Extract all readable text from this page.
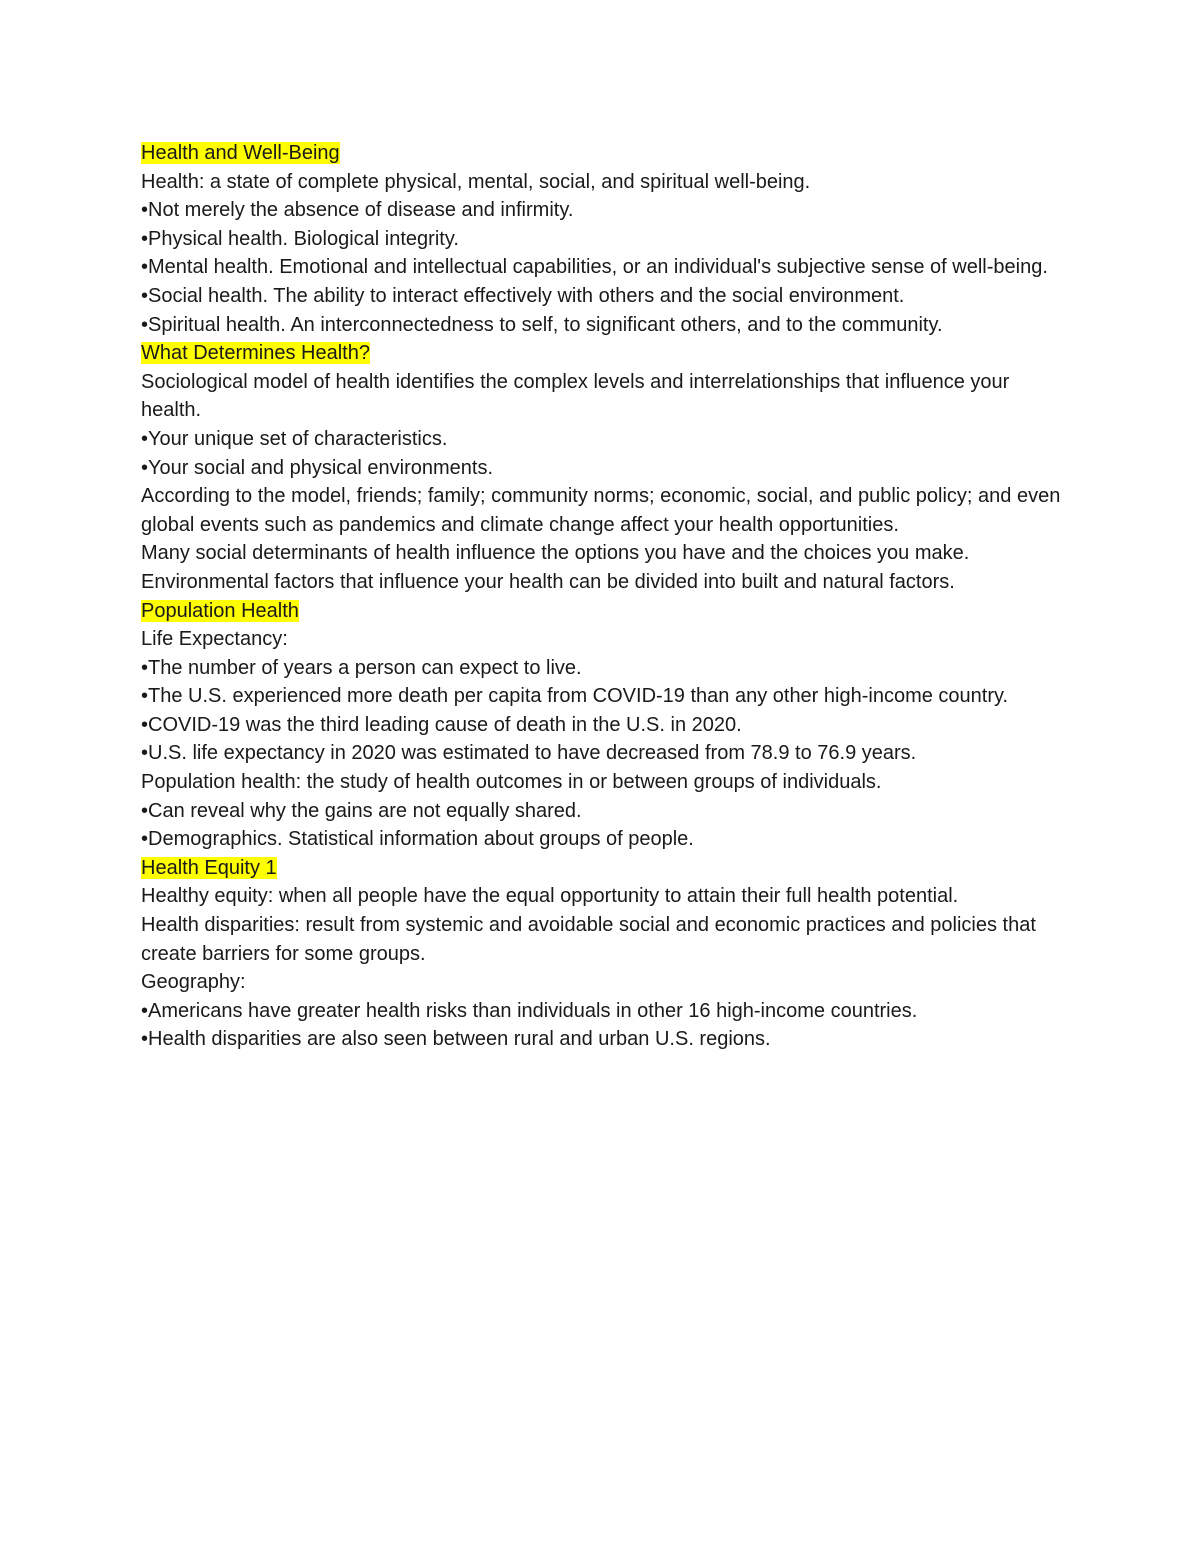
Health and Well-Being
Health: a state of complete physical, mental, social, and spiritual well-being.
•Not merely the absence of disease and infirmity.
•Physical health. Biological integrity.
•Mental health. Emotional and intellectual capabilities, or an individual's subjective sense of well-being.
•Social health. The ability to interact effectively with others and the social environment.
•Spiritual health. An interconnectedness to self, to significant others, and to the community.
What Determines Health?
Sociological model of health identifies the complex levels and interrelationships that influence your health.
•Your unique set of characteristics.
•Your social and physical environments.
According to the model, friends; family; community norms; economic, social, and public policy; and even global events such as pandemics and climate change affect your health opportunities.
Many social determinants of health influence the options you have and the choices you make.
Environmental factors that influence your health can be divided into built and natural factors.
Population Health
Life Expectancy:
•The number of years a person can expect to live.
•The U.S. experienced more death per capita from COVID-19 than any other high-income country.
•COVID-19 was the third leading cause of death in the U.S. in 2020.
•U.S. life expectancy in 2020 was estimated to have decreased from 78.9 to 76.9 years.
Population health: the study of health outcomes in or between groups of individuals.
•Can reveal why the gains are not equally shared.
•Demographics. Statistical information about groups of people.
Health Equity 1
Healthy equity: when all people have the equal opportunity to attain their full health potential.
Health disparities: result from systemic and avoidable social and economic practices and policies that create barriers for some groups.
Geography:
•Americans have greater health risks than individuals in other 16 high-income countries.
•Health disparities are also seen between rural and urban U.S. regions.
